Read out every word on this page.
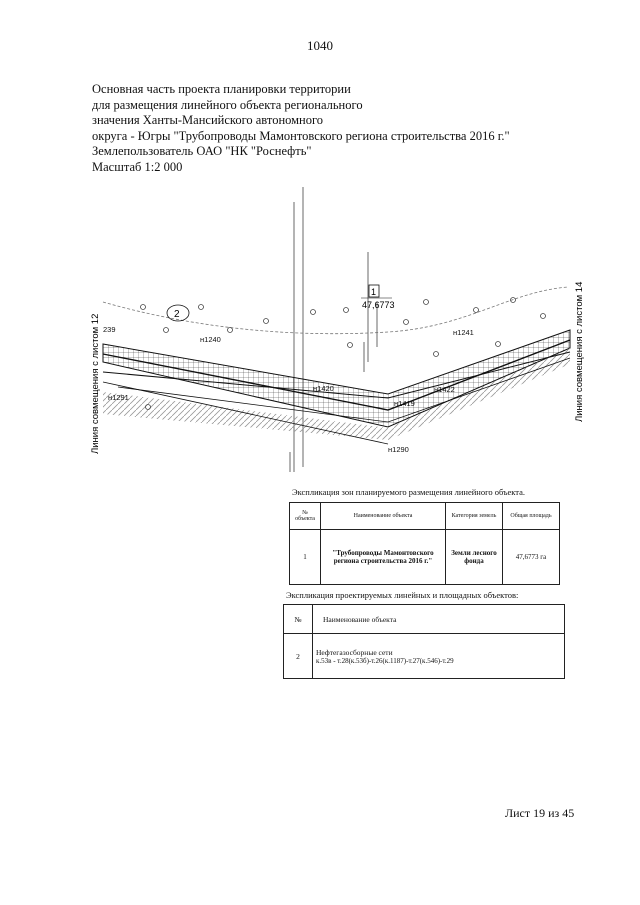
1040
Основная часть проекта планировки территории
для размещения линейного объекта регионального
значения Ханты-Мансийского автономного
округа - Югры "Трубопроводы Мамонтовского региона строительства 2016 г."
Землепользователь ОАО "НК "Роснефть"
Масштаб 1:2 000
1
47,6773
2
239
н1240
н1241
н1291
н1290
н1420
н1419
н1422
Линия совмещения с листом 12	Линия совмещения с листом 14
Экспликация зон планируемого размещения линейного объекта.
№ объекта	Наименование объекта	Категория земель	Общая площадь
1	"Трубопроводы Мамонтовского региона строительства 2016 г."	Земли лесного фонда	47,6773 га
Экспликация проектируемых линейных и площадных объектов:
№	Наименование объекта
2	Нефтегазосборные сети
к.53в - т.28(к.53б)-т.26(к.1187)-т.27(к.546)-т.29
Лист 19 из 45
